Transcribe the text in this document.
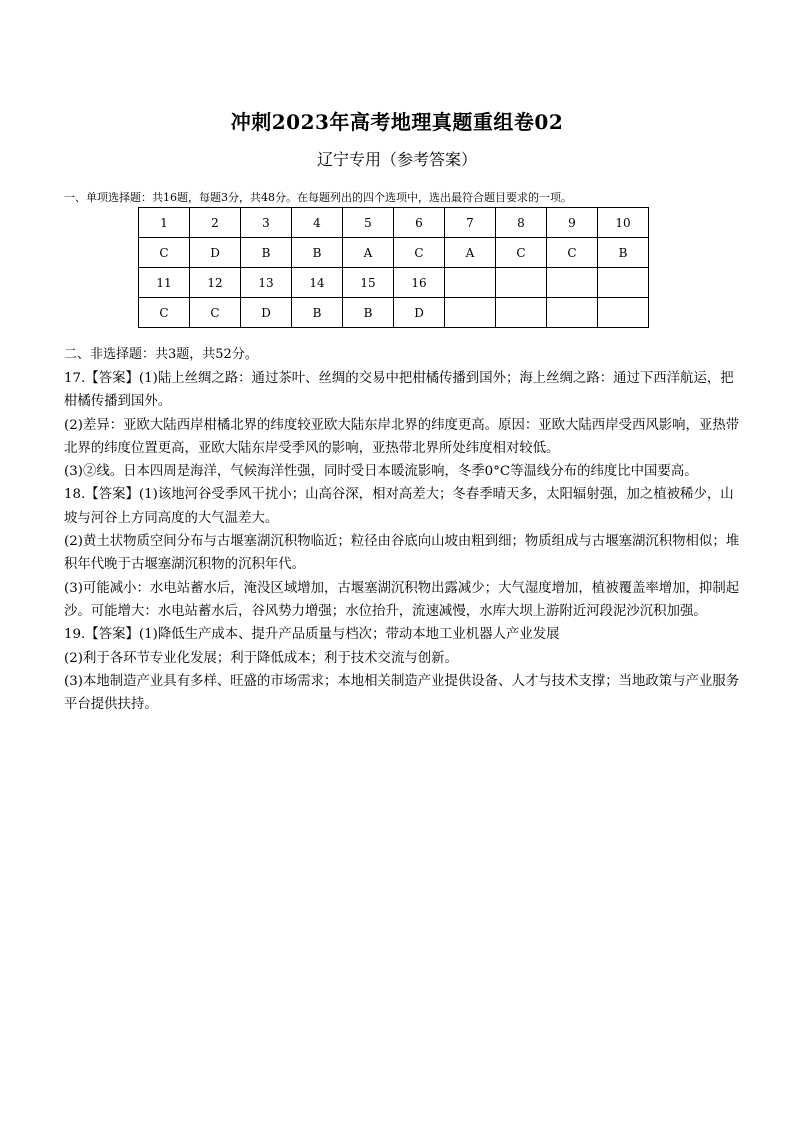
冲刺2023年高考地理真题重组卷02
辽宁专用（参考答案）
一、单项选择题：共16题，每题3分，共48分。在每题列出的四个选项中，选出最符合题目要求的一项。
1	2	3	4	5	6	7	8	9	10
C	D	B	B	A	C	A	C	C	B
11	12	13	14	15	16				
C	C	D	B	B	D				
二、非选择题：共3题，共52分。

17.【答案】(1)陆上丝绸之路：通过茶叶、丝绸的交易中把柑橘传播到国外；海上丝绸之路：通过下西洋航运，把柑橘传播到国外。

(2)差异：亚欧大陆西岸柑橘北界的纬度较亚欧大陆东岸北界的纬度更高。原因：亚欧大陆西岸受西风影响，亚热带北界的纬度位置更高，亚欧大陆东岸受季风的影响，亚热带北界所处纬度相对较低。

(3)②线。日本四周是海洋，气候海洋性强，同时受日本暖流影响，冬季0°C等温线分布的纬度比中国要高。

18.【答案】(1)该地河谷受季风干扰小；山高谷深，相对高差大；冬春季晴天多，太阳辐射强，加之植被稀少，山坡与河谷上方同高度的大气温差大。

(2)黄土状物质空间分布与古堰塞湖沉积物临近；粒径由谷底向山坡由粗到细；物质组成与古堰塞湖沉积物相似；堆积年代晚于古堰塞湖沉积物的沉积年代。

(3)可能减小：水电站蓄水后，淹没区域增加，古堰塞湖沉积物出露减少；大气湿度增加，植被覆盖率增加，抑制起沙。可能增大：水电站蓄水后，谷风势力增强；水位抬升，流速减慢，水库大坝上游附近河段泥沙沉积加强。

19.【答案】(1)降低生产成本、提升产品质量与档次；带动本地工业机器人产业发展

(2)利于各环节专业化发展；利于降低成本；利于技术交流与创新。

(3)本地制造产业具有多样、旺盛的市场需求；本地相关制造产业提供设备、人才与技术支撑；当地政策与产业服务平台提供扶持。
